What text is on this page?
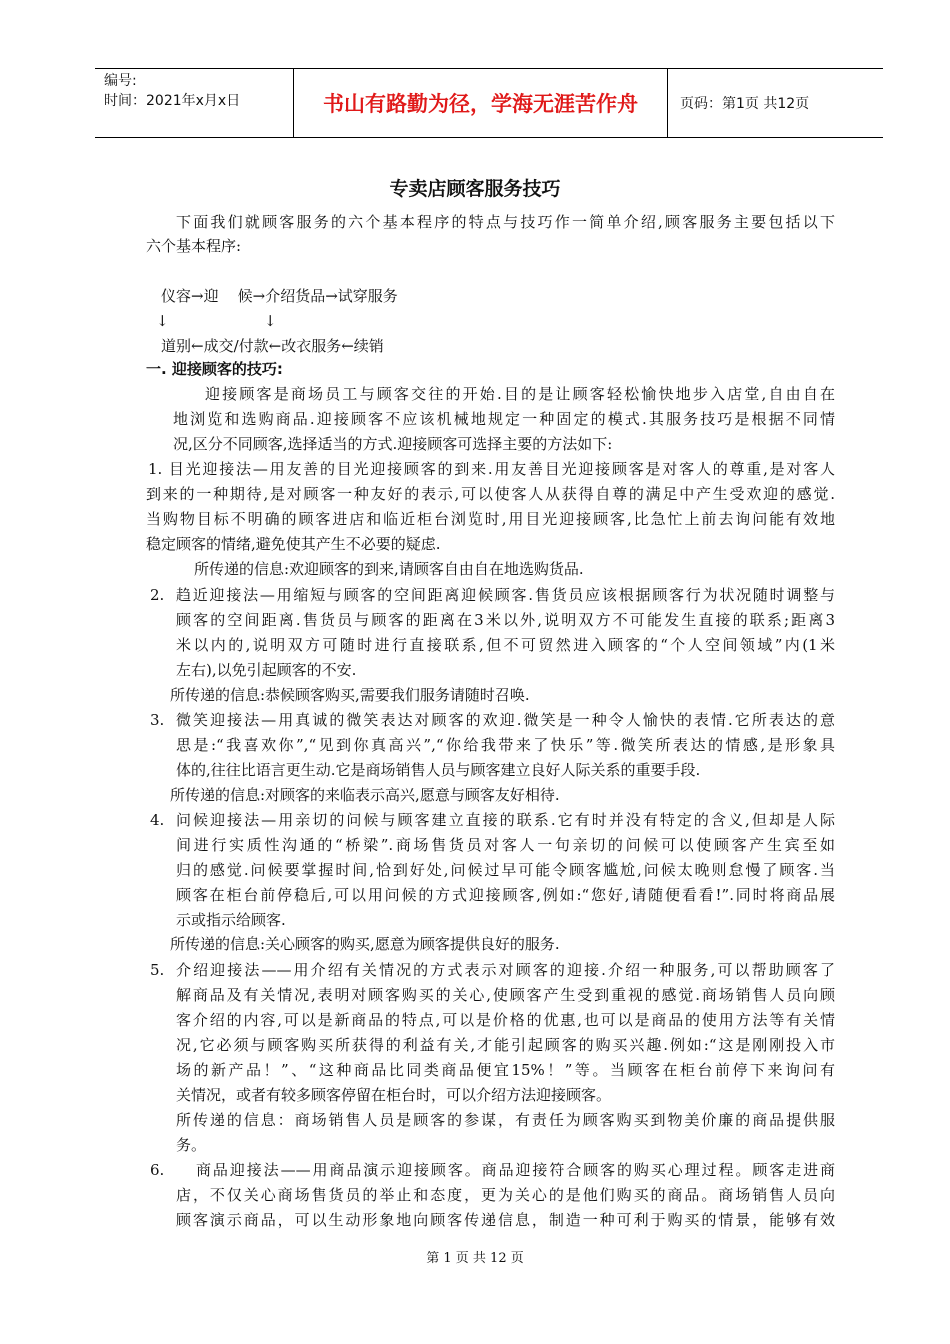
编号:
时间：2021年x月x日	书山有路勤为径，学海无涯苦作舟	页码：第1页 共12页
专卖店顾客服务技巧
下面我们就顾客服务的六个基本程序的特点与技巧作一简单介绍,顾客服务主要包括以下
六个基本程序:
仪容→迎    候→介绍货品→试穿服务
↓                    ↓
道别←成交/付款←改衣服务←续销
一. 迎接顾客的技巧:
迎接顾客是商场员工与顾客交往的开始.目的是让顾客轻松愉快地步入店堂,自由自在
地浏览和选购商品.迎接顾客不应该机械地规定一种固定的模式.其服务技巧是根据不同情
况,区分不同顾客,选择适当的方式.迎接顾客可选择主要的方法如下:
1. 目光迎接法—用友善的目光迎接顾客的到来.用友善目光迎接顾客是对客人的尊重,是对客人
到来的一种期待,是对顾客一种友好的表示,可以使客人从获得自尊的满足中产生受欢迎的感觉.
当购物目标不明确的顾客进店和临近柜台浏览时,用目光迎接顾客,比急忙上前去询问能有效地
稳定顾客的情绪,避免使其产生不必要的疑虑.
所传递的信息:欢迎顾客的到来,请顾客自由自在地选购货品.
2. 趋近迎接法—用缩短与顾客的空间距离迎候顾客.售货员应该根据顾客行为状况随时调整与
顾客的空间距离.售货员与顾客的距离在3米以外,说明双方不可能发生直接的联系;距离3
米以内的,说明双方可随时进行直接联系,但不可贸然进入顾客的“个人空间领域”内(1米
左右),以免引起顾客的不安.
所传递的信息:恭候顾客购买,需要我们服务请随时召唤.
3. 微笑迎接法—用真诚的微笑表达对顾客的欢迎.微笑是一种令人愉快的表情.它所表达的意
思是:“我喜欢你”,“见到你真高兴”,“你给我带来了快乐”等.微笑所表达的情感,是形象具
体的,往往比语言更生动.它是商场销售人员与顾客建立良好人际关系的重要手段.
所传递的信息:对顾客的来临表示高兴,愿意与顾客友好相待.
4. 问候迎接法—用亲切的问候与顾客建立直接的联系.它有时并没有特定的含义,但却是人际
间进行实质性沟通的“桥梁”.商场售货员对客人一句亲切的问候可以使顾客产生宾至如
归的感觉.问候要掌握时间,恰到好处,问候过早可能令顾客尴尬,问候太晚则怠慢了顾客.当
顾客在柜台前停稳后,可以用问候的方式迎接顾客,例如:“您好,请随便看看!”.同时将商品展
示或指示给顾客.
所传递的信息:关心顾客的购买,愿意为顾客提供良好的服务.
5. 介绍迎接法——用介绍有关情况的方式表示对顾客的迎接.介绍一种服务,可以帮助顾客了
解商品及有关情况,表明对顾客购买的关心,使顾客产生受到重视的感觉.商场销售人员向顾
客介绍的内容,可以是新商品的特点,可以是价格的优惠,也可以是商品的使用方法等有关情
况,它必须与顾客购买所获得的利益有关,才能引起顾客的购买兴趣.例如:“这是刚刚投入市
场的新产品！”、“这种商品比同类商品便宜15%！”等。当顾客在柜台前停下来询问有
关情况，或者有较多顾客停留在柜台时，可以介绍方法迎接顾客。
所传递的信息：商场销售人员是顾客的参谋，有责任为顾客购买到物美价廉的商品提供服
务。
6. 商品迎接法——用商品演示迎接顾客。商品迎接符合顾客的购买心理过程。顾客走进商
店，不仅关心商场售货员的举止和态度，更为关心的是他们购买的商品。商场销售人员向
顾客演示商品，可以生动形象地向顾客传递信息，制造一种可利于购买的情景，能够有效
第 1 页 共 12 页
